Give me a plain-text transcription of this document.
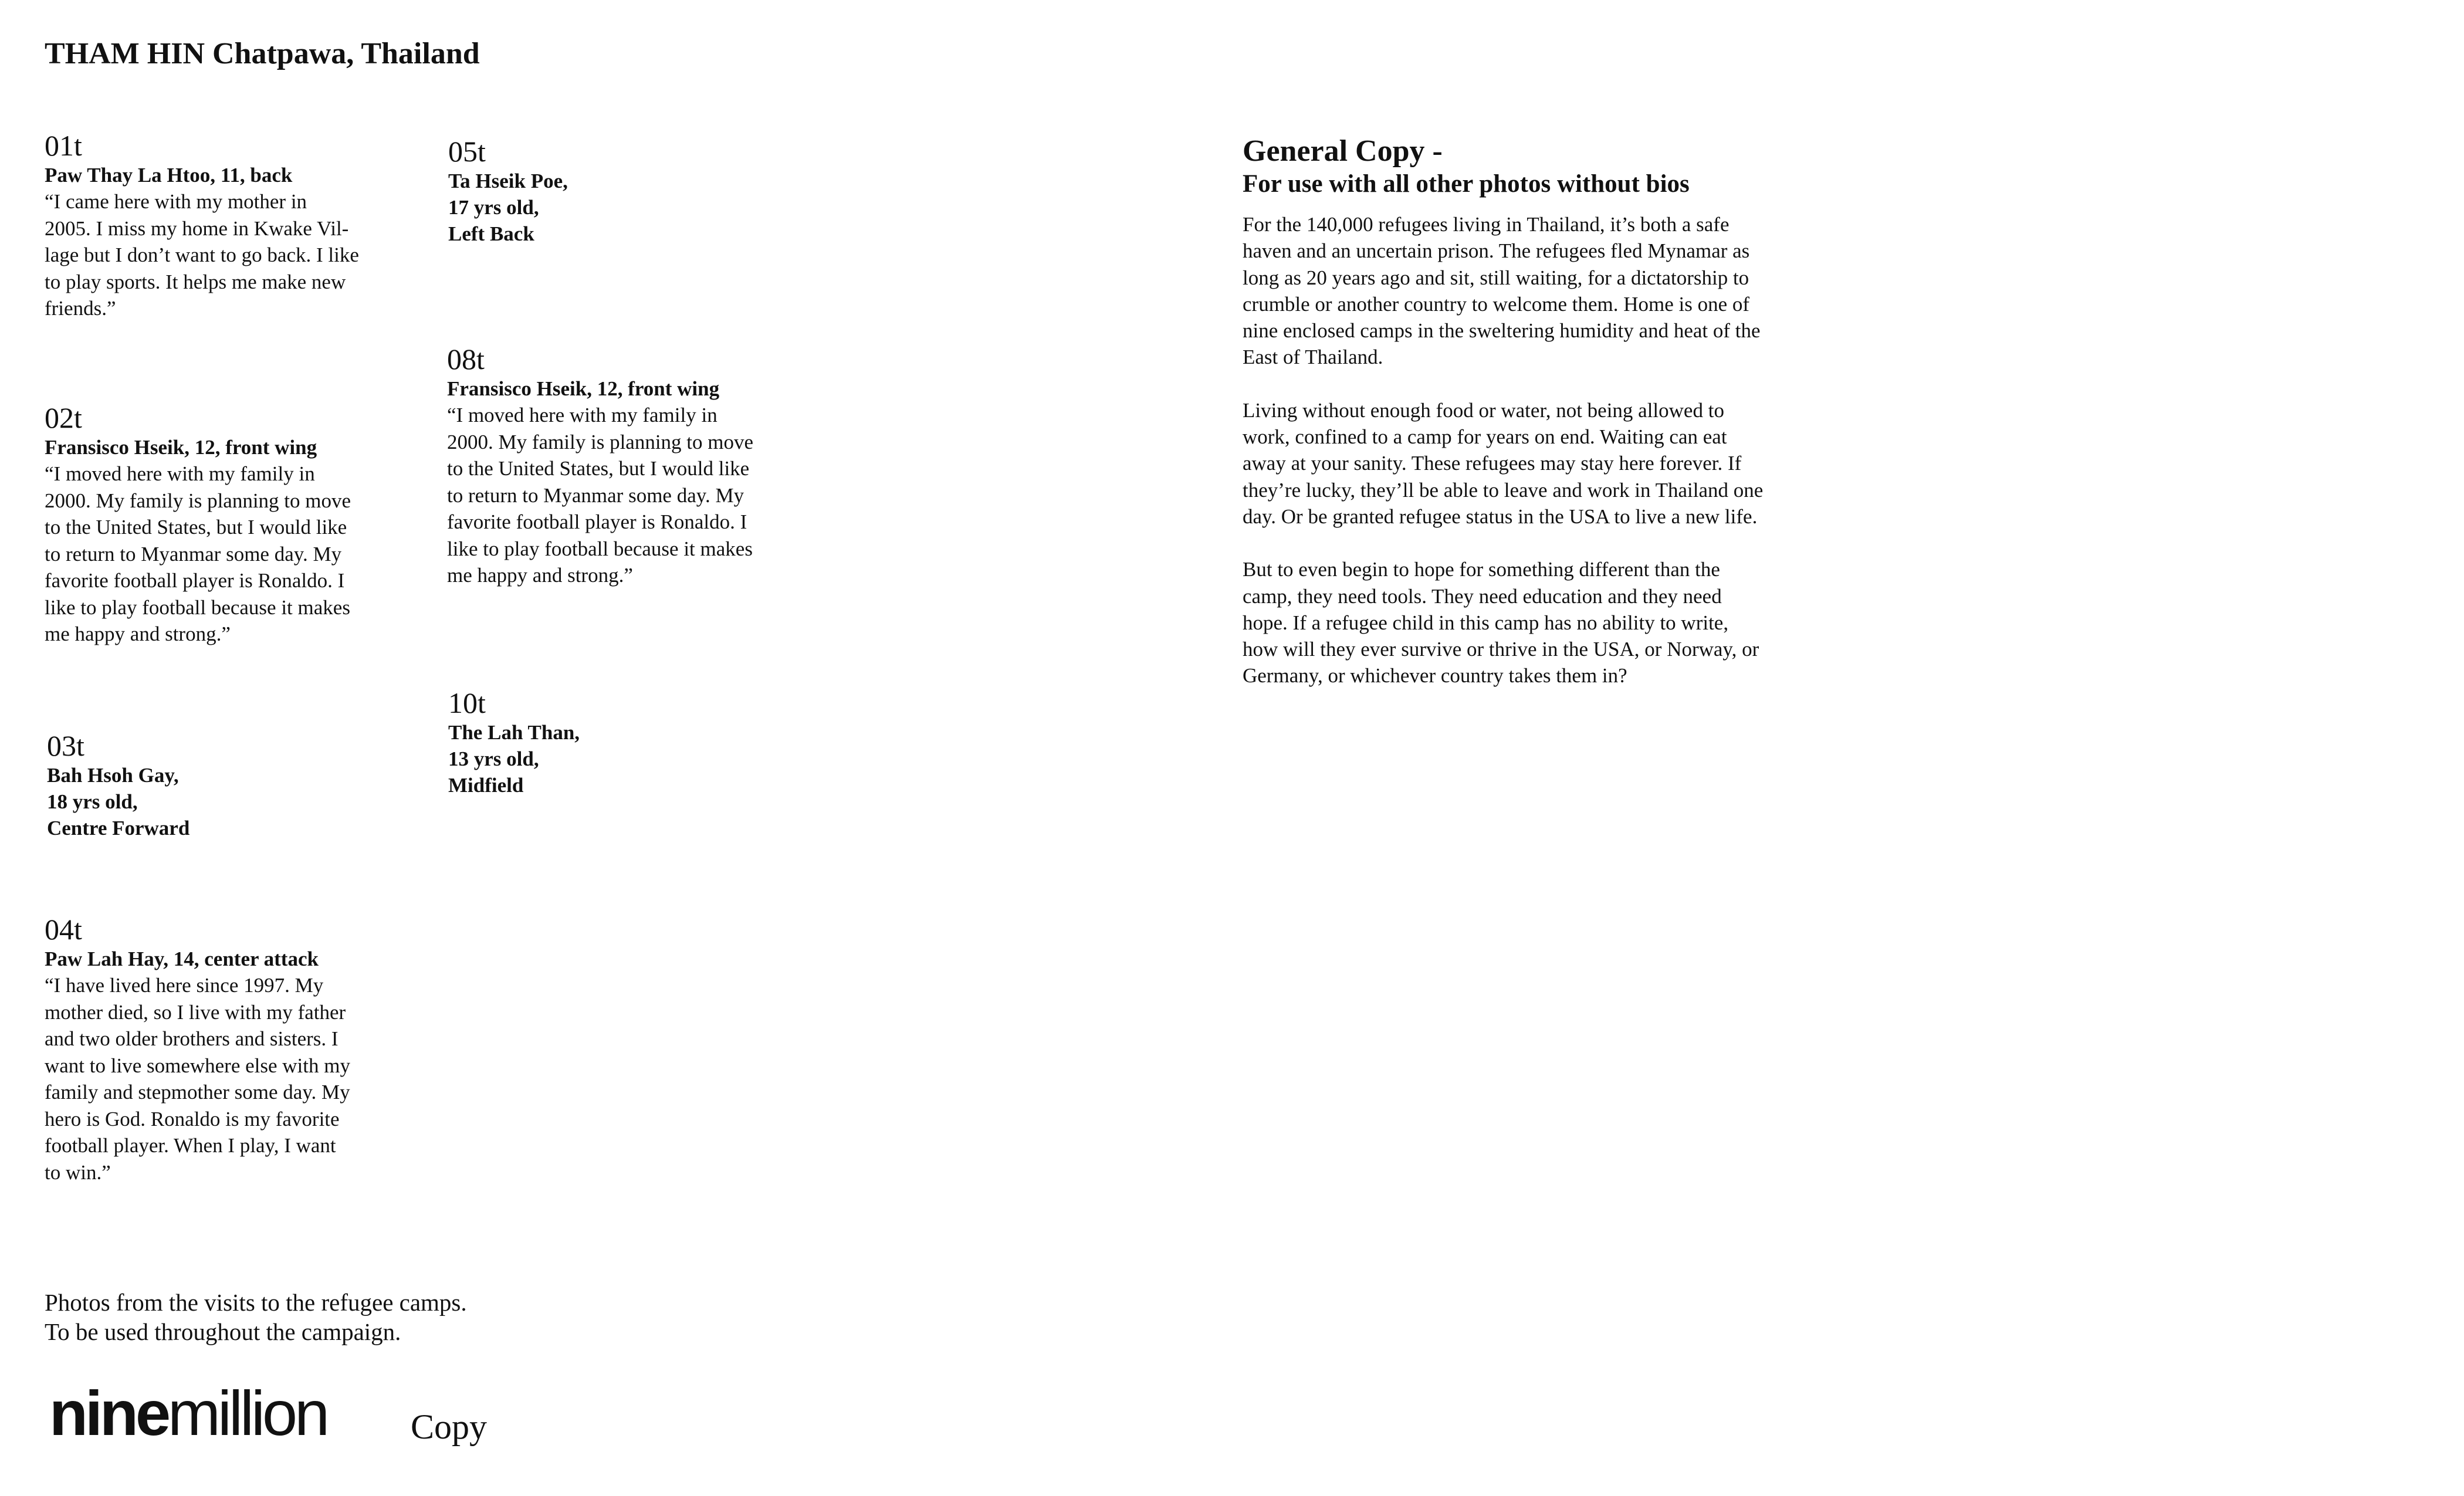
THAM HIN Chatpawa, Thailand
01t
Paw Thay La Htoo, 11, back
“I came here with my mother in
2005. I miss my home in Kwake Vil-
lage but I don’t want to go back. I like
to play sports. It helps me make new
friends.”
02t
Fransisco Hseik, 12, front wing
“I moved here with my family in
2000. My family is planning to move
to the United States, but I would like
to return to Myanmar some day. My
favorite football player is Ronaldo. I
like to play football because it makes
me happy and strong.”
03t
Bah Hsoh Gay,
18 yrs old,
Centre Forward
04t
Paw Lah Hay, 14, center attack
“I have lived here since 1997. My
mother died, so I live with my father
and two older brothers and sisters. I
want to live somewhere else with my
family and stepmother some day. My
hero is God. Ronaldo is my favorite
football player. When I play, I want
to win.”
05t
Ta Hseik Poe,
17 yrs old,
Left Back
08t
Fransisco Hseik, 12, front wing
“I moved here with my family in
2000. My family is planning to move
to the United States, but I would like
to return to Myanmar some day. My
favorite football player is Ronaldo. I
like to play football because it makes
me happy and strong.”
10t
The Lah Than,
13 yrs old,
Midfield
General Copy -
For use with all other photos without bios

For the 140,000 refugees living in Thailand, it’s both a safe
haven and an uncertain prison. The refugees fled Mynamar as
long as 20 years ago and sit, still waiting, for a dictatorship to
crumble or another country to welcome them. Home is one of
nine enclosed camps in the sweltering humidity and heat of the
East of Thailand.

Living without enough food or water, not being allowed to
work, confined to a camp for years on end. Waiting can eat
away at your sanity. These refugees may stay here forever. If
they’re lucky, they’ll be able to leave and work in Thailand one
day. Or be granted refugee status in the USA to live a new life.

But to even begin to hope for something different than the
camp, they need tools. They need education and they need
hope. If a refugee child in this camp has no ability to write,
how will they ever survive or thrive in the USA, or Norway, or
Germany, or whichever country takes them in?

Photos from the visits to the refugee camps.
To be used throughout the campaign.
ninemillion Copy
